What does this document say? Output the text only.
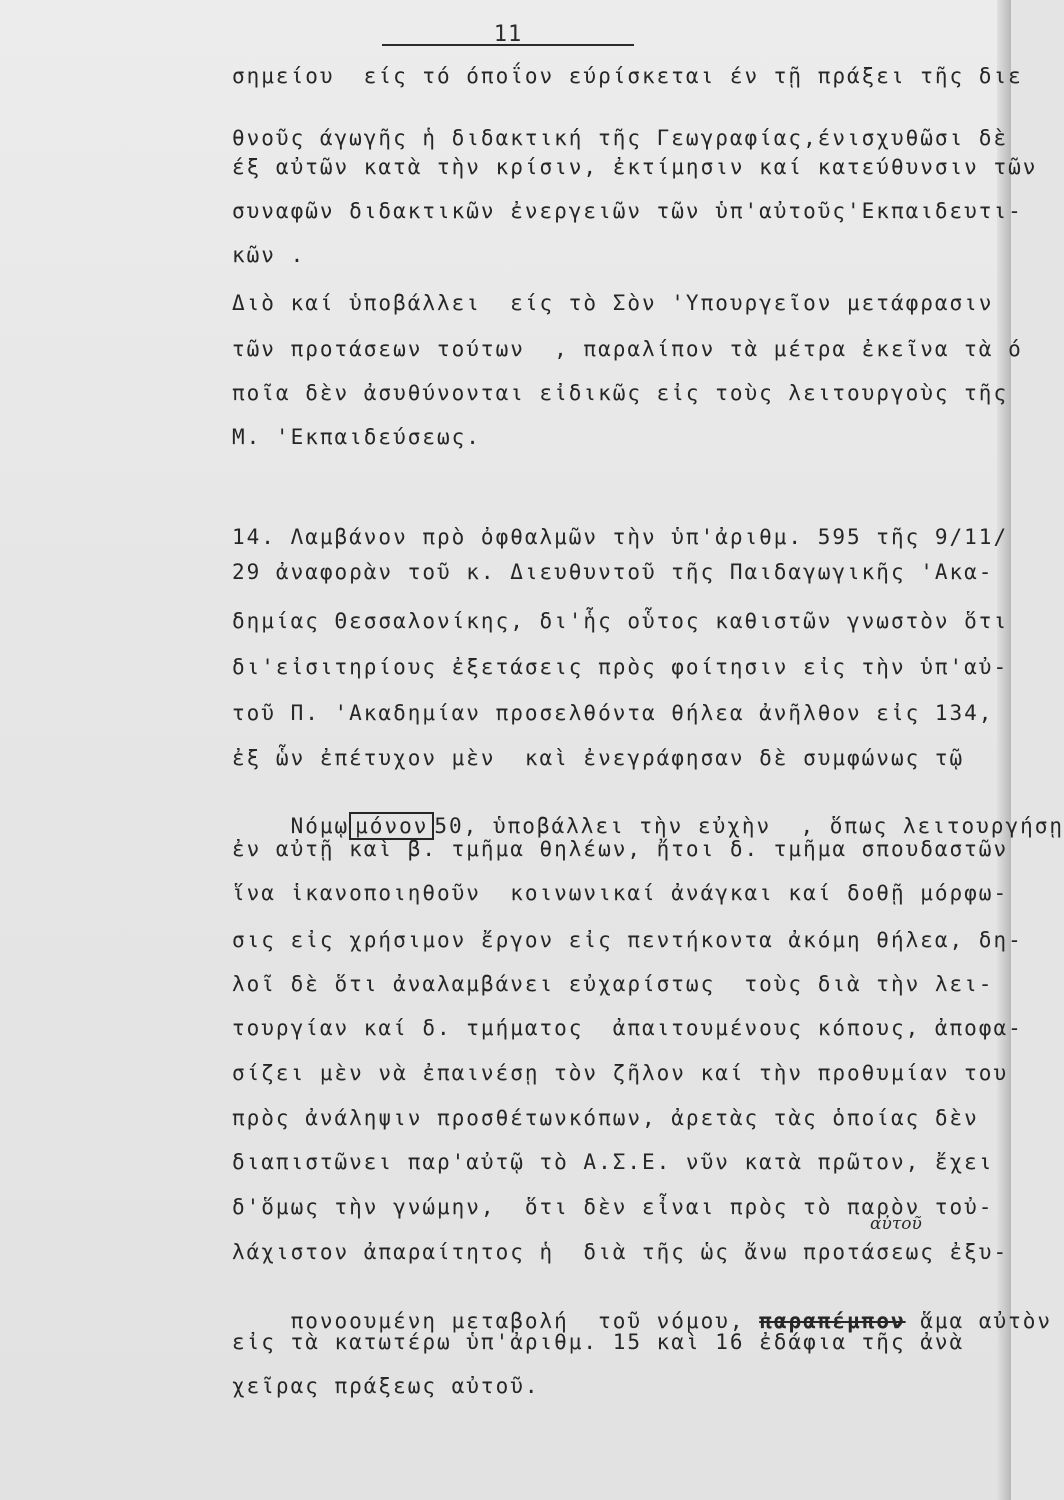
11
σημείου  είς τό όποΐον εύρίσκεται έν τῇ πράξει τῆς διε
θνοῦς άγωγῆς ἡ διδακτική τῆς Γεωγραφίας,ένισχυθῶσι δὲ
έξ αὐτῶν κατὰ τὴν κρίσιν, ἐκτίμησιν καί κατεύθυνσιν τῶν
συναφῶν διδακτικῶν ἐνεργειῶν τῶν ὑπ'αὐτοῦς'Εκπαιδευτι-
κῶν .
Διὸ καί ὑποβάλλει  είς τὸ Σὸν 'Υπουργεῖον μετάφρασιν
τῶν προτάσεων τούτων  , παραλίπον τὰ μέτρα ἐκεῖνα τὰ ό
ποῖα δὲν ἀσυθύνονται εἰδικῶς εἰς τοὺς λειτουργοὺς τῆς
Μ. 'Εκπαιδεύσεως.
14. Λαμβάνον πρὸ ὀφθαλμῶν τὴν ὑπ'ἀριθμ. 595 τῆς 9/11/
29 ἀναφορὰν τοῦ κ. Διευθυντοῦ τῆς Παιδαγωγικῆς 'Ακα-
δημίας Θεσσαλονίκης, δι'ἧς οὗτος καθιστῶν γνωστὸν ὅτι
δι'εἰσιτηρίους ἐξετάσεις πρὸς φοίτησιν εἰς τὴν ὑπ'αὐ-
τοῦ Π. 'Ακαδημίαν προσελθόντα θήλεα ἀνῆλθον εἰς 134,
ἐξ ὧν ἐπέτυχον μὲν  καὶ ἐνεγράφησαν δὲ συμφώνως τῷ

Νόμῳ μόνον 50, ὑποβάλλει τὴν εὐχὴν  , ὅπως λειτουργήσῃ

ἐν αὐτῇ καὶ β. τμῆμα θηλέων, ἤτοι δ. τμῆμα σπουδαστῶν
ἵνα ἱκανοποιηθοῦν  κοινωνικαί ἀνάγκαι καί δοθῇ μόρφω-
σις εἰς χρήσιμον ἔργον εἰς πεντήκοντα ἀκόμη θήλεα, δη-
λοῖ δὲ ὅτι ἀναλαμβάνει εὐχαρίστως  τοὺς διὰ τὴν λει-
τουργίαν καί δ. τμήματος  ἀπαιτουμένους κόπους, ἀποφα-
σίζει μὲν νὰ ἐπαινέσῃ τὸν ζῆλον καί τὴν προθυμίαν του
πρὸς ἀνάληψιν προσθέτωνκόπων, ἀρετὰς τὰς ὁποίας δὲν
διαπιστῶνει παρ'αὐτῷ τὸ Α.Σ.Ε. νῦν κατὰ πρῶτον, ἔχει
δ'ὅμως τὴν γνώμην,  ὅτι δὲν εἶναι πρὸς τὸ παρὸν τοὐ-
αὐτοῦ
λάχιστον ἀπαραίτητος ἡ  διὰ τῆς ὡς ἄνω προτάσεως ἐξυ-

πονοουμένη μεταβολή  τοῦ νόμου, παραπέμπον ἅμα αὐτὸν

εἰς τὰ κατωτέρω ὑπ'ἀριθμ. 15 καὶ 16 ἐδάφια τῆς ἀνὰ
χεῖρας πράξεως αὐτοῦ.
